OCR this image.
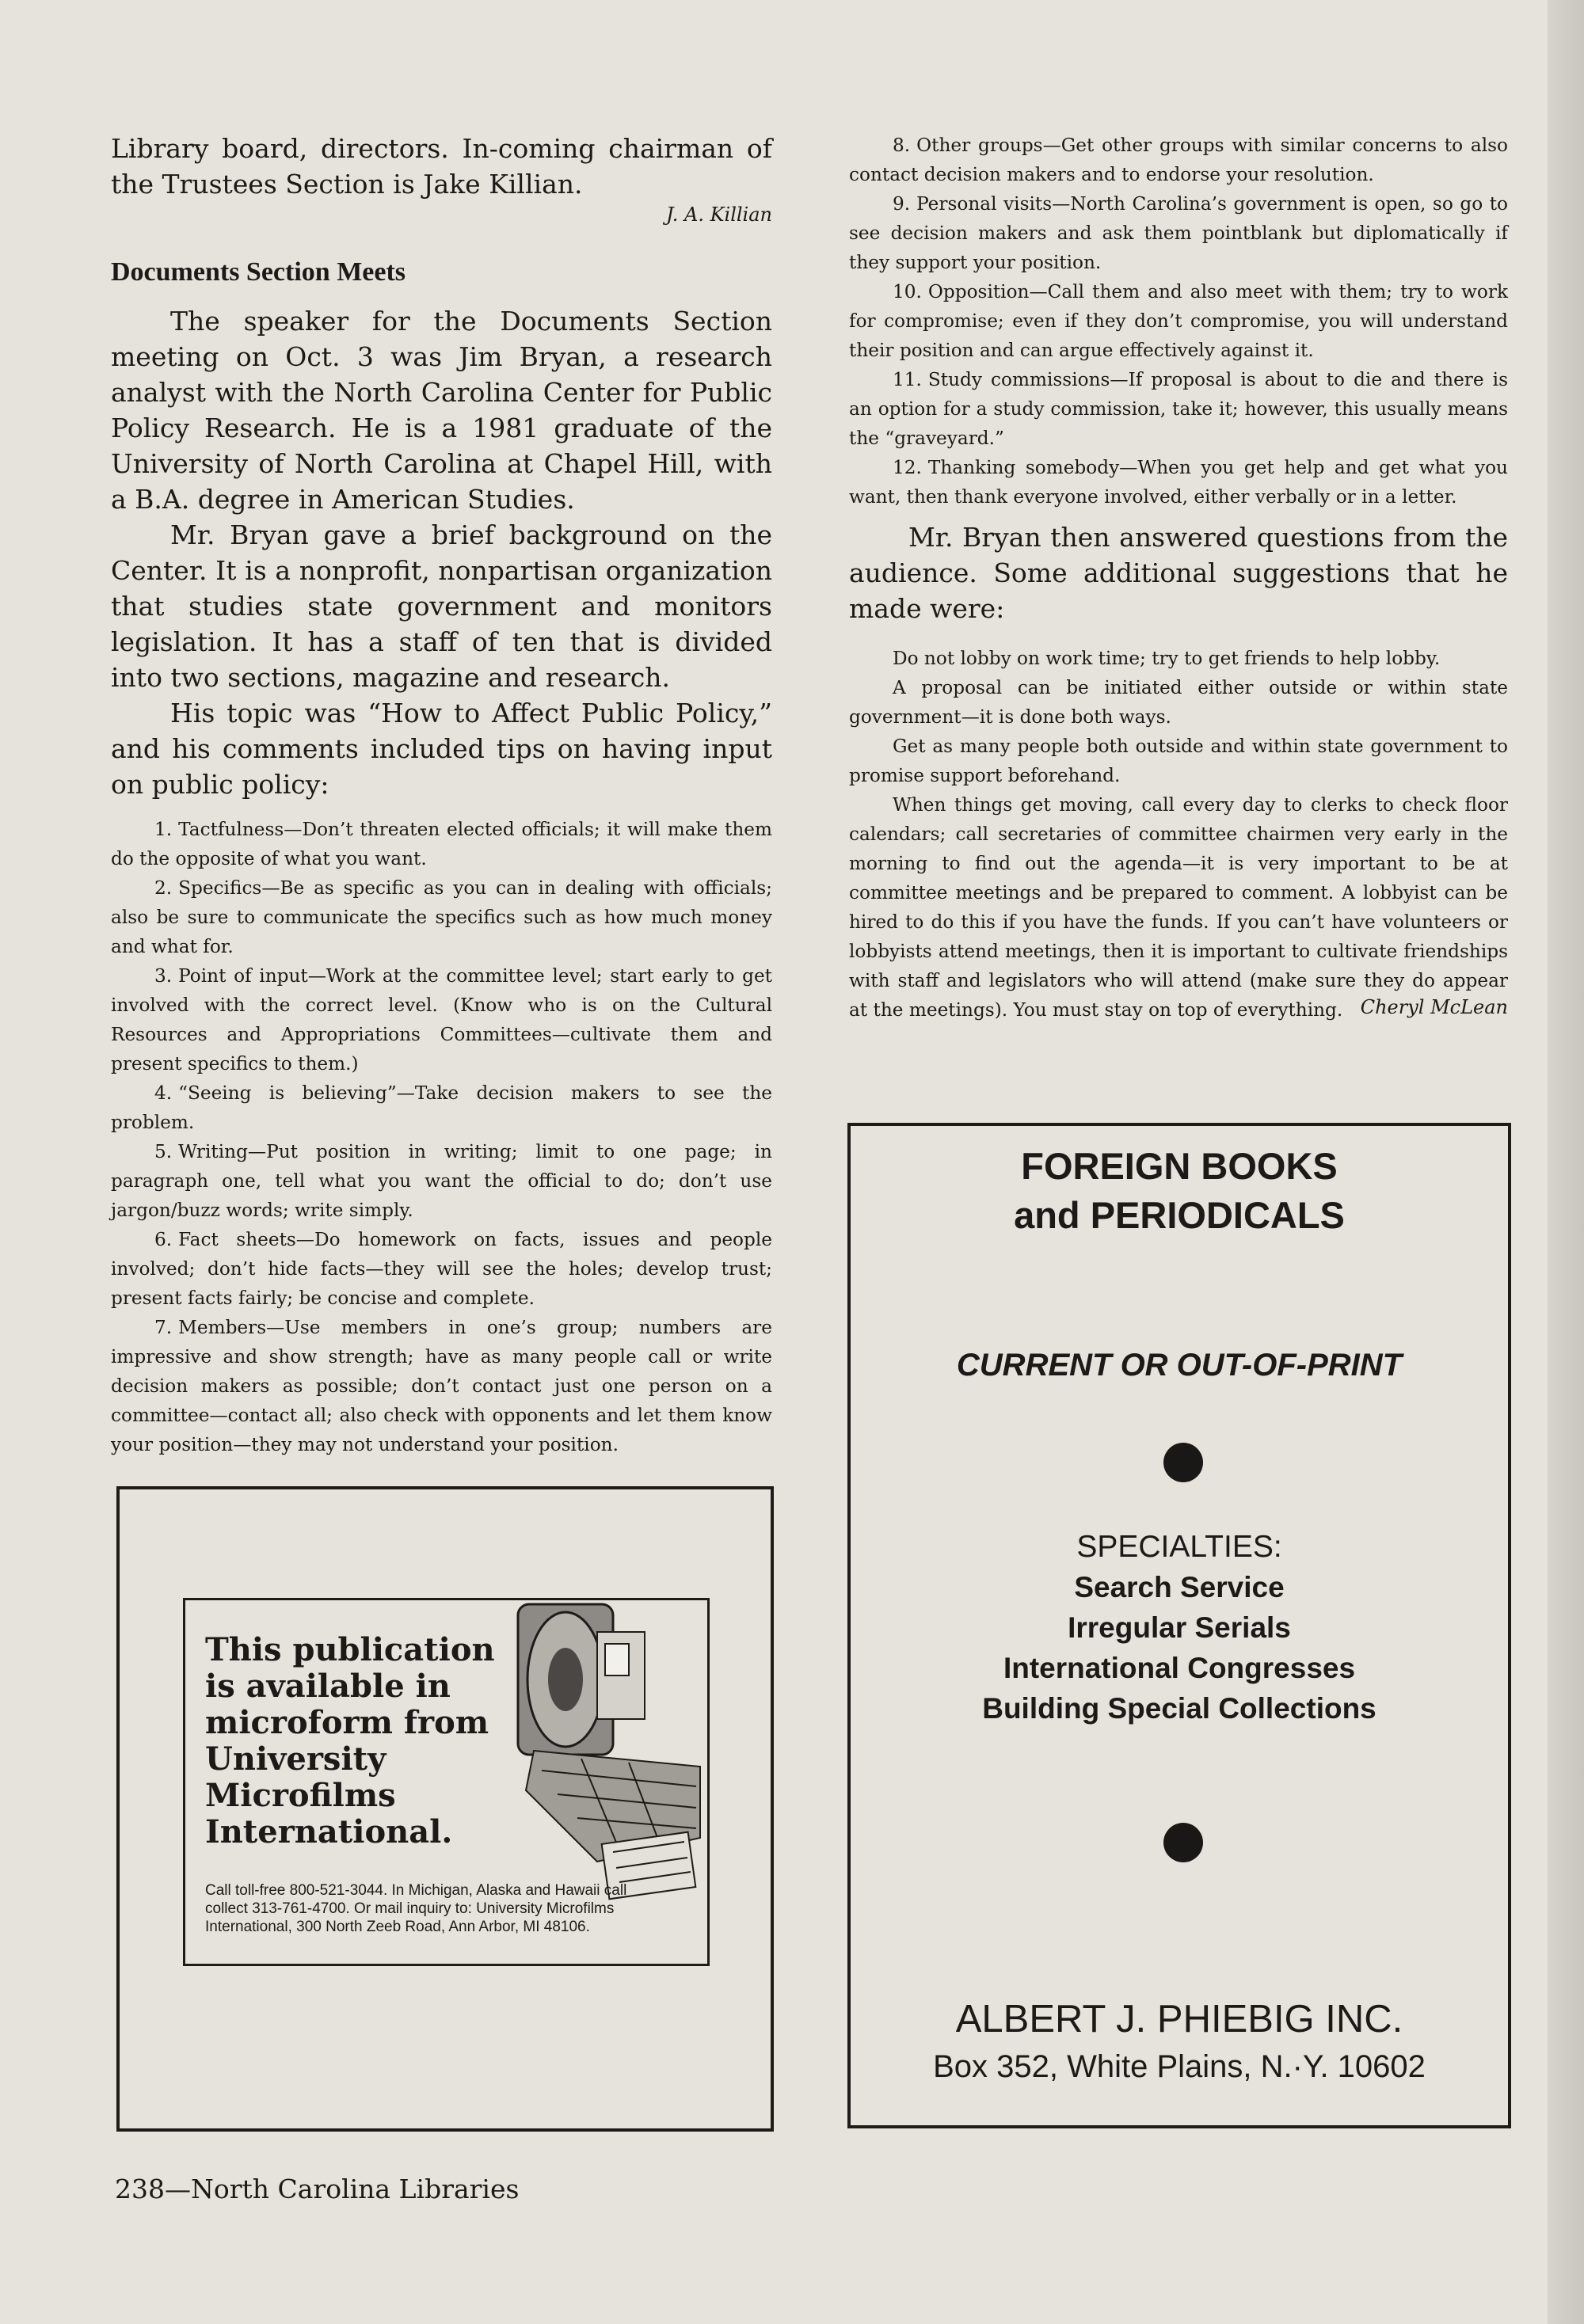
Library board, directors. In-coming chairman of the Trustees Section is Jake Killian.

J. A. Killian

Documents Section Meets

The speaker for the Documents Section meeting on Oct. 3 was Jim Bryan, a research analyst with the North Carolina Center for Public Policy Research. He is a 1981 graduate of the University of North Carolina at Chapel Hill, with a B.A. degree in American Studies.

Mr. Bryan gave a brief background on the Center. It is a nonprofit, nonpartisan organization that studies state government and monitors legislation. It has a staff of ten that is divided into two sections, magazine and research.

His topic was “How to Affect Public Policy,” and his comments included tips on having input on public policy:

1. Tactfulness—Don’t threaten elected officials; it will make them do the opposite of what you want.
2. Specifics—Be as specific as you can in dealing with officials; also be sure to communicate the specifics such as how much money and what for.
3. Point of input—Work at the committee level; start early to get involved with the correct level. (Know who is on the Cultural Resources and Appropriations Committees—cultivate them and present specifics to them.)
4. “Seeing is believing”—Take decision makers to see the problem.
5. Writing—Put position in writing; limit to one page; in paragraph one, tell what you want the official to do; don’t use jargon/buzz words; write simply.
6. Fact sheets—Do homework on facts, issues and people involved; don’t hide facts—they will see the holes; develop trust; present facts fairly; be concise and complete.
7. Members—Use members in one’s group; numbers are impressive and show strength; have as many people call or write decision makers as possible; don’t contact just one person on a committee—contact all; also check with opponents and let them know your position—they may not understand your position.
8. Other groups—Get other groups with similar concerns to also contact decision makers and to endorse your resolution.
9. Personal visits—North Carolina’s government is open, so go to see decision makers and ask them pointblank but diplomatically if they support your position.
10. Opposition—Call them and also meet with them; try to work for compromise; even if they don’t compromise, you will understand their position and can argue effectively against it.
11. Study commissions—If proposal is about to die and there is an option for a study commission, take it; however, this usually means the “graveyard.”
12. Thanking somebody—When you get help and get what you want, then thank everyone involved, either verbally or in a letter.

Mr. Bryan then answered questions from the audience. Some additional suggestions that he made were:

Do not lobby on work time; try to get friends to help lobby.

A proposal can be initiated either outside or within state government—it is done both ways.

Get as many people both outside and within state government to promise support beforehand.

When things get moving, call every day to clerks to check floor calendars; call secretaries of committee chairmen very early in the morning to find out the agenda—it is very important to be at committee meetings and be prepared to comment. A lobbyist can be hired to do this if you have the funds. If you can’t have volunteers or lobbyists attend meetings, then it is important to cultivate friendships with staff and legislators who will attend (make sure they do appear at the meetings). You must stay on top of everything. Cheryl McLean

This publication is available in microform from University Microfilms International.

Call toll-free 800-521-3044. In Michigan, Alaska and Hawaii call collect 313-761-4700. Or mail inquiry to: University Microfilms International, 300 North Zeeb Road, Ann Arbor, MI 48106.

FOREIGN BOOKS
and PERIODICALS

CURRENT OR OUT-OF-PRINT

SPECIALTIES:

Search Service

Irregular Serials

International Congresses

Building Special Collections

ALBERT J. PHIEBIG INC.

Box 352, White Plains, N.·Y. 10602

238—North Carolina Libraries
